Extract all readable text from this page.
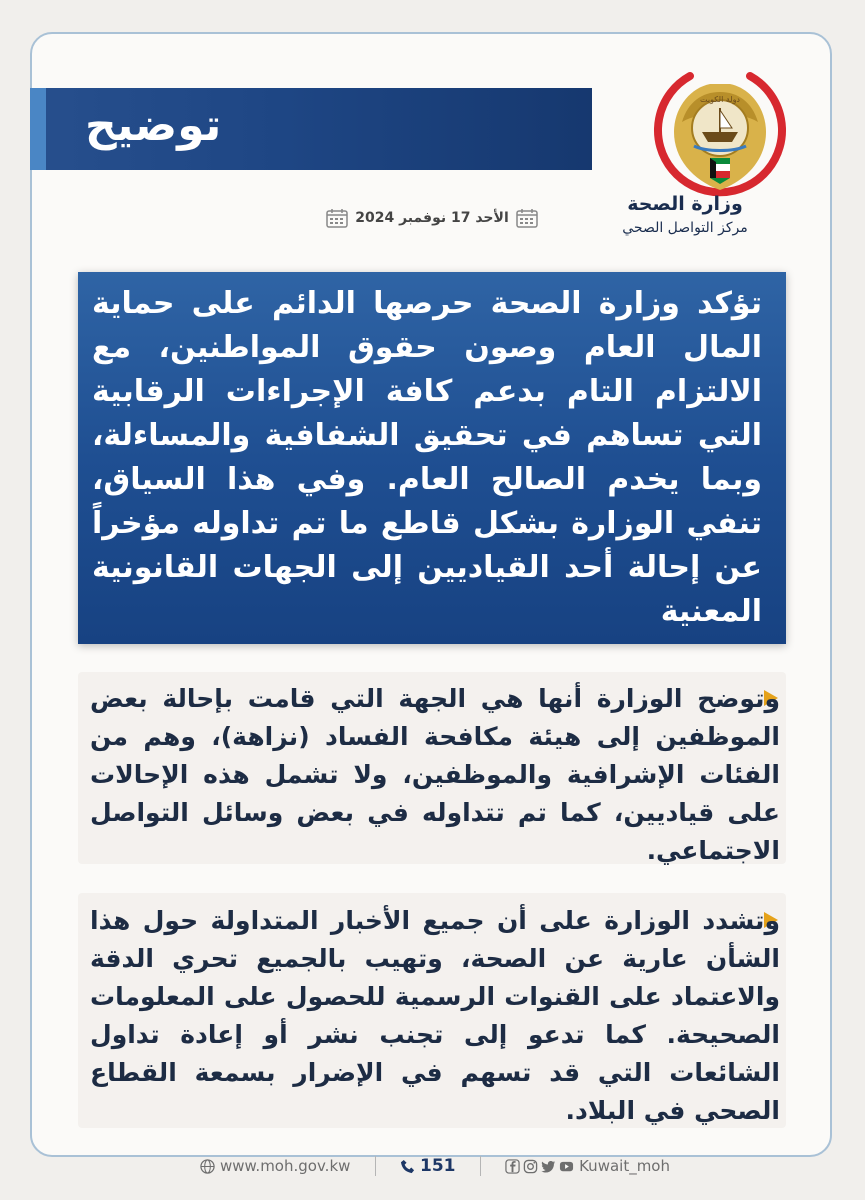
توضيح
دولة الكويت
وزارة الصحة
مركز التواصل الصحي
الأحد 17 نوفمبر 2024
تؤكد وزارة الصحة حرصها الدائم على حماية المال العام وصون حقوق المواطنين، مع الالتزام التام بدعم كافة الإجراءات الرقابية التي تساهم في تحقيق الشفافية والمساءلة، وبما يخدم الصالح العام. وفي هذا السياق، تنفي الوزارة بشكل قاطع ما تم تداوله مؤخراً عن إحالة أحد القياديين إلى الجهات القانونية المعنية
وتوضح الوزارة أنها هي الجهة التي قامت بإحالة بعض الموظفين إلى هيئة مكافحة الفساد (نزاهة)، وهم من الفئات الإشرافية والموظفين، ولا تشمل هذه الإحالات على قياديين، كما تم تتداوله في بعض وسائل التواصل الاجتماعي.
وتشدد الوزارة على أن جميع الأخبار المتداولة حول هذا الشأن عارية عن الصحة، وتهيب بالجميع تحري الدقة والاعتماد على القنوات الرسمية للحصول على المعلومات الصحيحة. كما تدعو إلى تجنب نشر أو إعادة تداول الشائعات التي قد تسهم في الإضرار بسمعة القطاع الصحي في البلاد.
www.moh.gov.kw	151	Kuwait_moh
